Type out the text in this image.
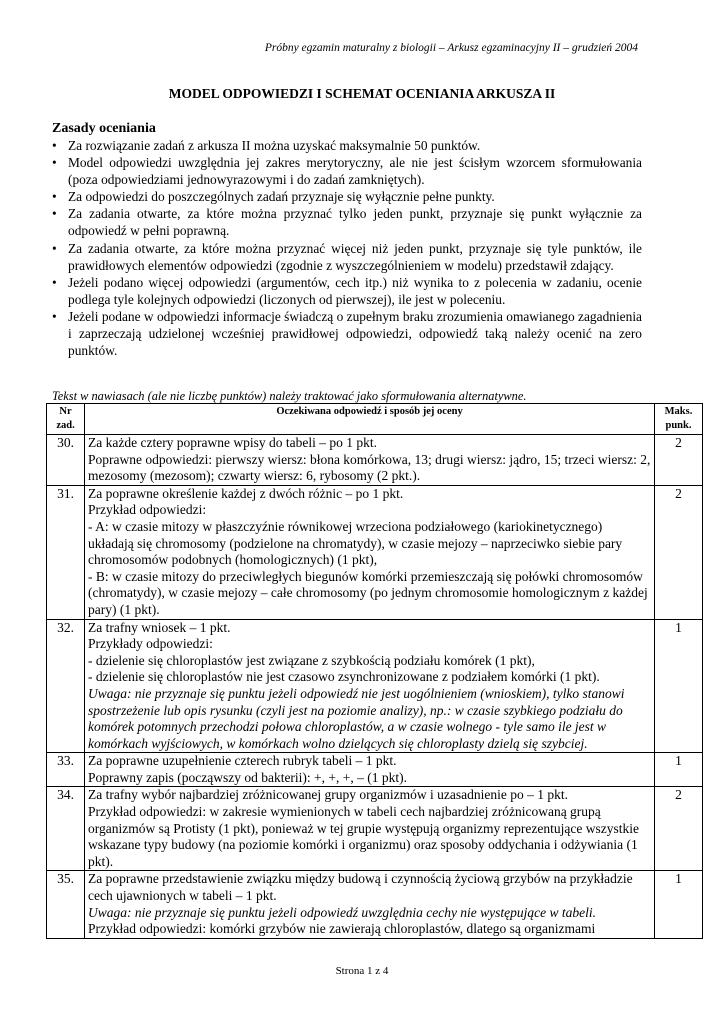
Próbny egzamin maturalny z biologii – Arkusz egzaminacyjny II – grudzień 2004
MODEL ODPOWIEDZI I SCHEMAT OCENIANIA ARKUSZA II
Zasady oceniania
• Za rozwiązanie zadań z arkusza II można uzyskać maksymalnie 50 punktów.
• Model odpowiedzi uwzględnia jej zakres merytoryczny, ale nie jest ścisłym wzorcem sformułowania (poza odpowiedziami jednowyrazowymi i do zadań zamkniętych).
• Za odpowiedzi do poszczególnych zadań przyznaje się wyłącznie pełne punkty.
• Za zadania otwarte, za które można przyznać tylko jeden punkt, przyznaje się punkt wyłącznie za odpowiedź w pełni poprawną.
• Za zadania otwarte, za które można przyznać więcej niż jeden punkt, przyznaje się tyle punktów, ile prawidłowych elementów odpowiedzi (zgodnie z wyszczególnieniem w modelu) przedstawił zdający.
• Jeżeli podano więcej odpowiedzi (argumentów, cech itp.) niż wynika to z polecenia w zadaniu, ocenie podlega tyle kolejnych odpowiedzi (liczonych od pierwszej), ile jest w poleceniu.
• Jeżeli podane w odpowiedzi informacje świadczą o zupełnym braku zrozumienia omawianego zagadnienia i zaprzeczają udzielonej wcześniej prawidłowej odpowiedzi, odpowiedź taką należy ocenić na zero punktów.
Tekst w nawiasach (ale nie liczbę punktów) należy traktować jako sformułowania alternatywne.
Nr zad.	Oczekiwana odpowiedź i sposób jej oceny	Maks. punk.
30.	Za każde cztery poprawne wpisy do tabeli – po 1 pkt.
Poprawne odpowiedzi: pierwszy wiersz: błona komórkowa, 13; drugi wiersz: jądro, 15; trzeci wiersz: 2, mezosomy (mezosom); czwarty wiersz: 6, rybosomy (2 pkt.).	2
31.	Za poprawne określenie każdej z dwóch różnic – po 1 pkt.
Przykład odpowiedzi:
- A: w czasie mitozy w płaszczyźnie równikowej wrzeciona podziałowego (kariokinetycznego) układają się chromosomy (podzielone na chromatydy), w czasie mejozy – naprzeciwko siebie pary chromosomów podobnych (homologicznych) (1 pkt),
- B: w czasie mitozy do przeciwległych biegunów komórki przemieszczają się połówki chromosomów (chromatydy), w czasie mejozy – całe chromosomy (po jednym chromosomie homologicznym z każdej pary) (1 pkt).	2
32.	Za trafny wniosek – 1 pkt.
Przykłady odpowiedzi:
- dzielenie się chloroplastów jest związane z szybkością podziału komórek (1 pkt),
- dzielenie się chloroplastów nie jest czasowo zsynchronizowane z podziałem komórki (1 pkt).
Uwaga: nie przyznaje się punktu jeżeli odpowiedź nie jest uogólnieniem (wnioskiem), tylko stanowi spostrzeżenie lub opis rysunku (czyli jest na poziomie analizy), np.: w czasie szybkiego podziału do komórek potomnych przechodzi połowa chloroplastów, a w czasie wolnego - tyle samo ile jest w komórkach wyjściowych, w komórkach wolno dzielących się chloroplasty dzielą się szybciej.	1
33.	Za poprawne uzupełnienie czterech rubryk tabeli – 1 pkt.
Poprawny zapis (począwszy od bakterii): +, +, +, – (1 pkt).	1
34.	Za trafny wybór najbardziej zróżnicowanej grupy organizmów i uzasadnienie po – 1 pkt.
Przykład odpowiedzi: w zakresie wymienionych w tabeli cech najbardziej zróżnicowaną grupą organizmów są Protisty (1 pkt), ponieważ w tej grupie występują organizmy reprezentujące wszystkie wskazane typy budowy (na poziomie komórki i organizmu) oraz sposoby oddychania i odżywiania (1 pkt).	2
35.	Za poprawne przedstawienie związku między budową i czynnością życiową grzybów na przykładzie cech ujawnionych w tabeli – 1 pkt.
Uwaga: nie przyznaje się punktu jeżeli odpowiedź uwzględnia cechy nie występujące w tabeli.
Przykład odpowiedzi: komórki grzybów nie zawierają chloroplastów, dlatego są organizmami	1
Strona 1 z 4
